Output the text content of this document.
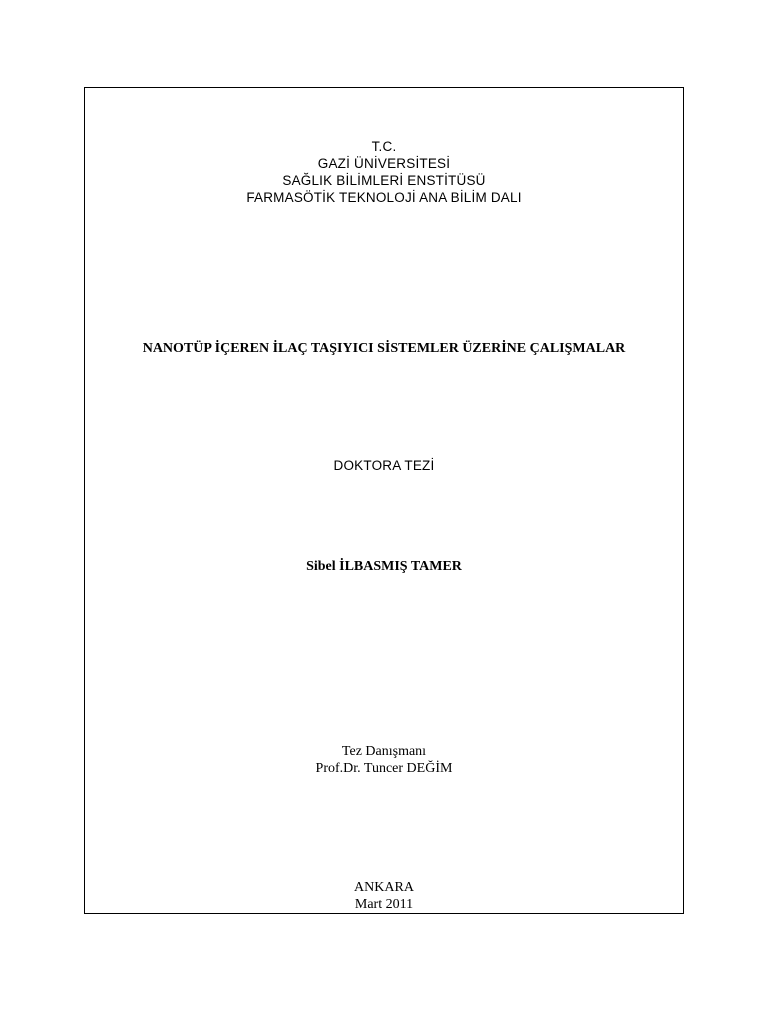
T.C.
GAZİ ÜNİVERSİTESİ
SAĞLIK BİLİMLERİ ENSTİTÜSÜ
FARMASÖTİK TEKNOLOJİ ANA BİLİM DALI
NANOTÜP İÇEREN İLAÇ TAŞIYICI SİSTEMLER ÜZERİNE ÇALIŞMALAR
DOKTORA TEZİ
Sibel İLBASMIŞ TAMER
Tez Danışmanı
Prof.Dr. Tuncer DEĞİM
ANKARA
Mart 2011
